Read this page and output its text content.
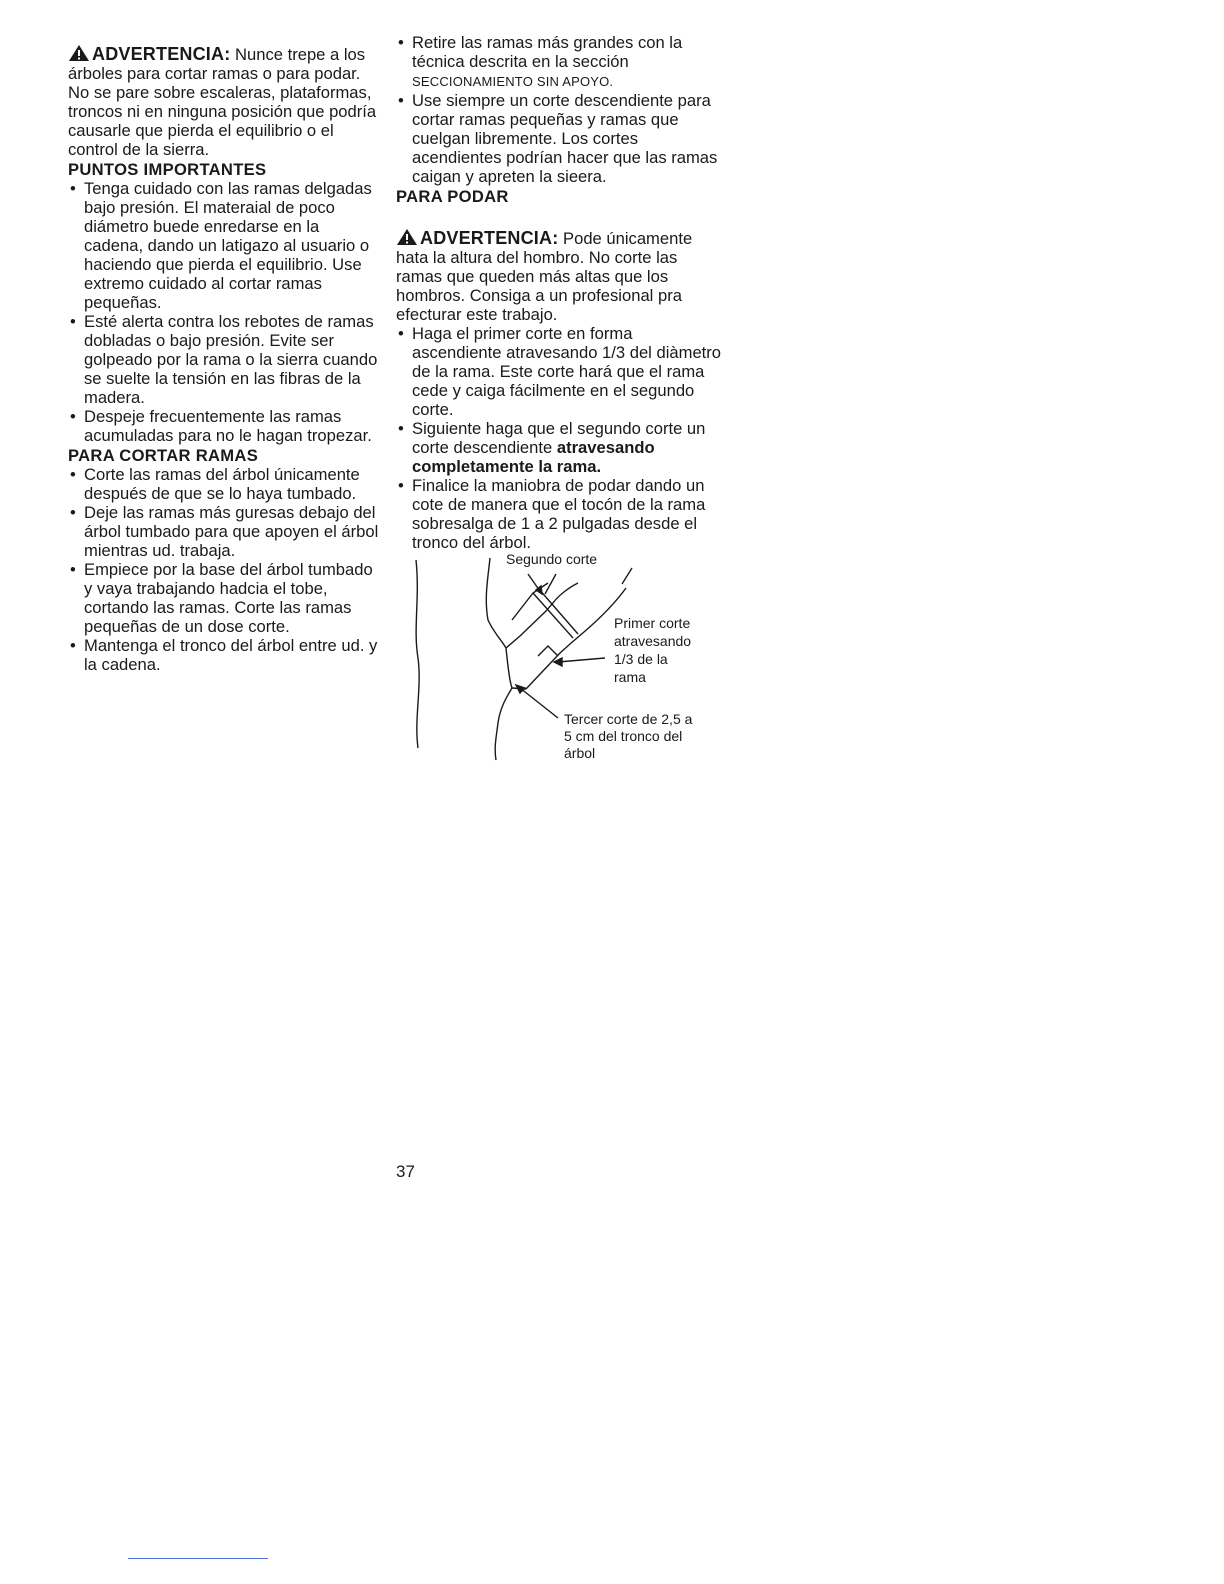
ADVERTENCIA: Nunce trepe a los árboles para cortar ramas o para podar. No se pare sobre escaleras, plataformas, troncos ni en ninguna posición que podría causarle que pierda el equilibrio o el control de la sierra.

PUNTOS IMPORTANTES
• Tenga cuidado con las ramas delgadas bajo presión. El materaial de poco diámetro buede enredarse en la cadena, dando un latigazo al usuario o haciendo que pierda el equilibrio. Use extremo cuidado al cortar ramas pequeñas.
• Esté alerta contra los rebotes de ramas dobladas o bajo presión. Evite ser golpeado por la rama o la sierra cuando se suelte la tensión en las fibras de la madera.
• Despeje frecuentemente las ramas acumuladas para no le hagan tropezar.
PARA CORTAR RAMAS
• Corte las ramas del árbol únicamente después de que se lo haya tumbado.
• Deje las ramas más guresas debajo del árbol tumbado para que apoyen el árbol mientras ud. trabaja.
• Empiece por la base del árbol tumbado y vaya trabajando hadcia el tobe, cortando las ramas. Corte las ramas pequeñas de un dose corte.
• Mantenga el tronco del árbol entre ud. y la cadena.
• Retire las ramas más grandes con la técnica descrita en la sección SECCIONAMIENTO SIN APOYO.
• Use siempre un corte descendiente para cortar ramas pequeñas y ramas que cuelgan libremente. Los cortes acendientes podrían hacer que las ramas caigan y apreten la sieera.
PARA PODAR

ADVERTENCIA: Pode únicamente hata la altura del hombro. No corte las ramas que queden más altas que los hombros. Consiga a un profesional pra efecturar este trabajo.

• Haga el primer corte en forma ascendiente atravesando 1/3 del diàmetro de la rama. Este corte hará que el rama cede y caiga fácilmente en el segundo corte.
• Siguiente haga que el segundo corte un corte descendiente atravesando completamente la rama.
• Finalice la maniobra de podar dando un cote de manera que el tocón de la rama sobresalga de 1 a 2 pulgadas desde el tronco del árbol.
Segundo corte
Primer corte
atravesando
1/3 de la
rama
Tercer corte de 2,5 a
5 cm del tronco del
árbol
37
